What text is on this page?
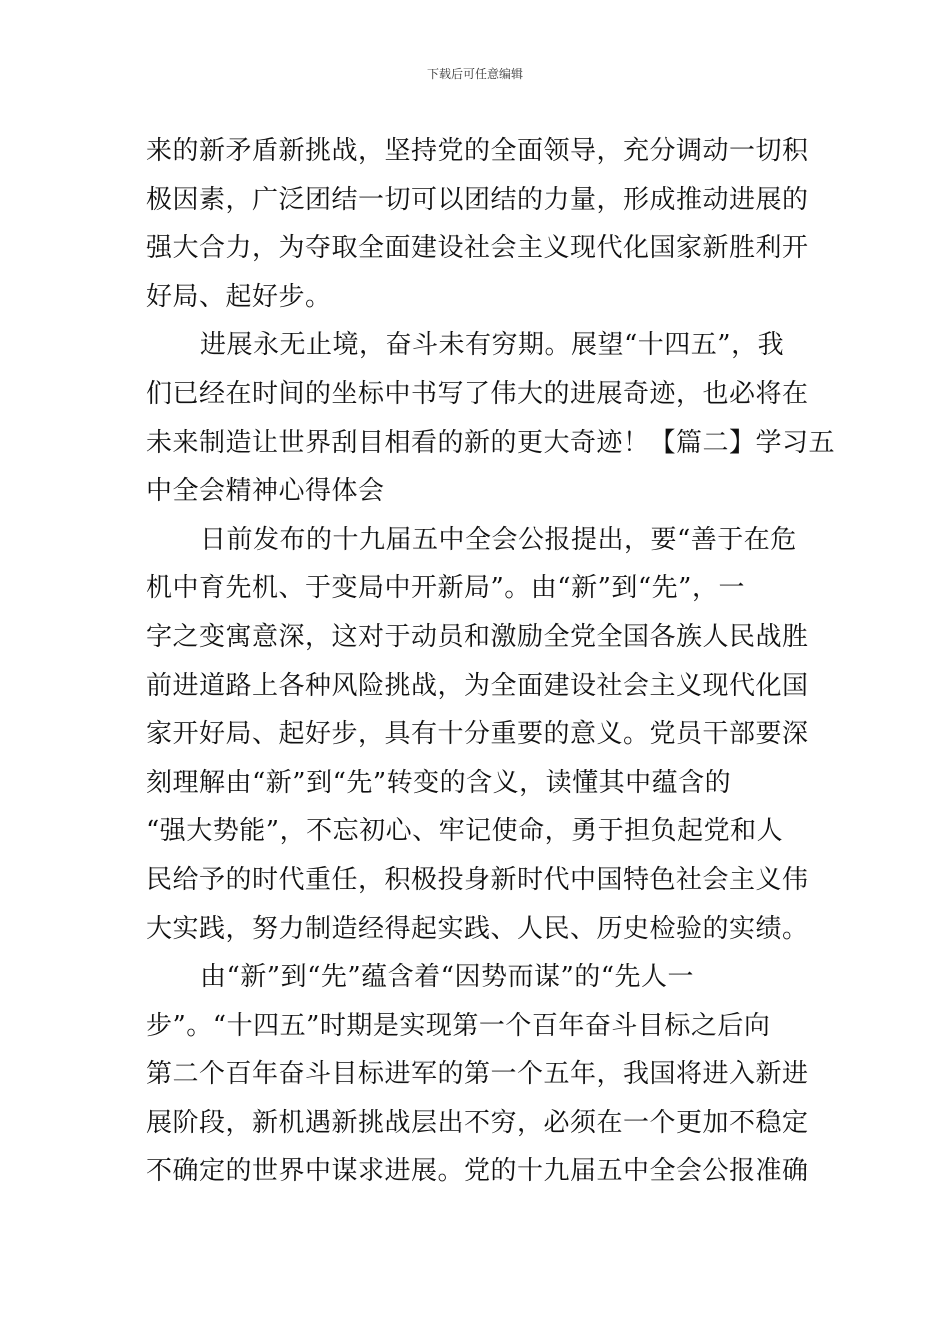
下载后可任意编辑
来的新矛盾新挑战，坚持党的全面领导，充分调动一切积
极因素，广泛团结一切可以团结的力量，形成推动进展的
强大合力，为夺取全面建设社会主义现代化国家新胜利开
好局、起好步。
进展永无止境，奋斗未有穷期。展望“十四五”，我
们已经在时间的坐标中书写了伟大的进展奇迹，也必将在
未来制造让世界刮目相看的新的更大奇迹！【篇二】学习五
中全会精神心得体会
日前发布的十九届五中全会公报提出，要“善于在危
机中育先机、于变局中开新局”。由“新”到“先”，一
字之变寓意深，这对于动员和激励全党全国各族人民战胜
前进道路上各种风险挑战，为全面建设社会主义现代化国
家开好局、起好步，具有十分重要的意义。党员干部要深
刻理解由“新”到“先”转变的含义，读懂其中蕴含的
“强大势能”，不忘初心、牢记使命，勇于担负起党和人
民给予的时代重任，积极投身新时代中国特色社会主义伟
大实践，努力制造经得起实践、人民、历史检验的实绩。
由“新”到“先”蕴含着“因势而谋”的“先人一
步”。“十四五”时期是实现第一个百年奋斗目标之后向
第二个百年奋斗目标进军的第一个五年，我国将进入新进
展阶段，新机遇新挑战层出不穷，必须在一个更加不稳定
不确定的世界中谋求进展。党的十九届五中全会公报准确
